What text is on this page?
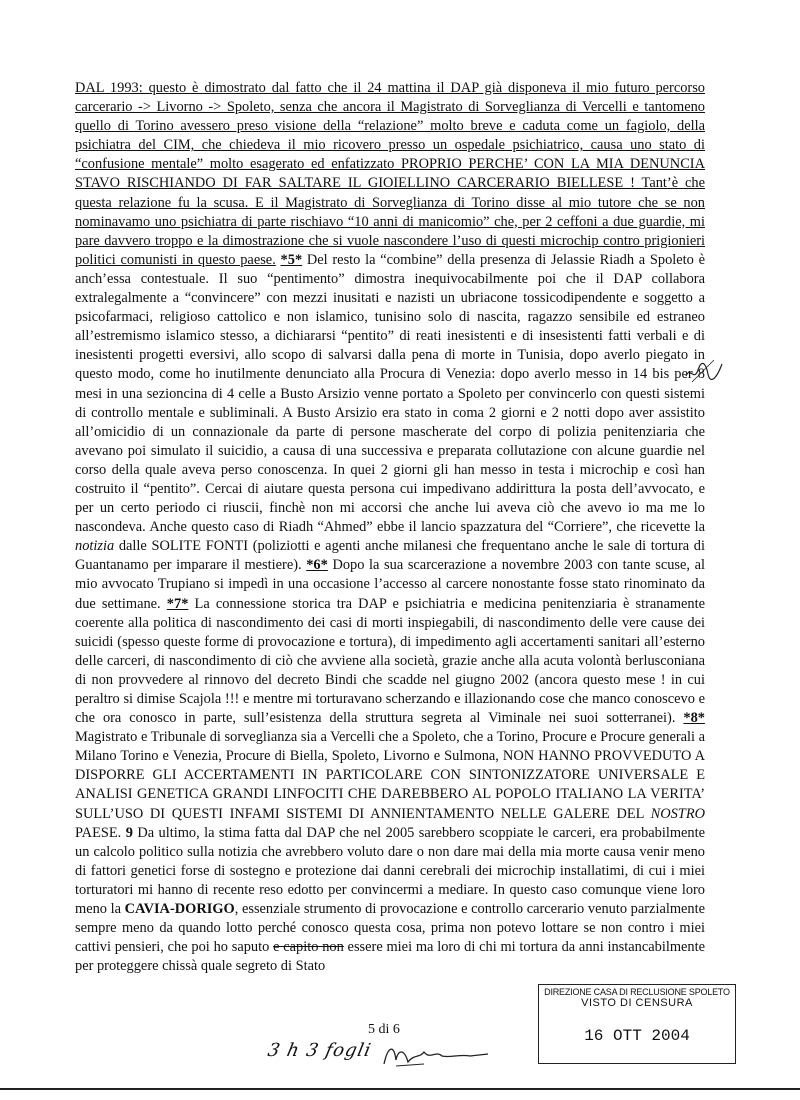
DAL 1993: questo è dimostrato dal fatto che il 24 mattina il DAP già disponeva il mio futuro percorso carcerario -> Livorno -> Spoleto, senza che ancora il Magistrato di Sorveglianza di Vercelli e tantomeno quello di Torino avessero preso visione della “relazione” molto breve e caduta come un fagiolo, della psichiatra del CIM, che chiedeva il mio ricovero presso un ospedale psichiatrico, causa uno stato di “confusione mentale” molto esagerato ed enfatizzato PROPRIO PERCHE’ CON LA MIA DENUNCIA STAVO RISCHIANDO DI FAR SALTARE IL GIOIELLINO CARCERARIO BIELLESE ! Tant’è che questa relazione fu la scusa. E il Magistrato di Sorveglianza di Torino disse al mio tutore che se non nominavamo uno psichiatra di parte rischiavo “10 anni di manicomio” che, per 2 ceffoni a due guardie, mi pare davvero troppo e la dimostrazione che si vuole nascondere l’uso di questi microchip contro prigionieri politici comunisti in questo paese. *5* Del resto la “combine” della presenza di Jelassie Riadh a Spoleto è anch’essa contestuale. Il suo “pentimento” dimostra inequivocabilmente poi che il DAP collabora extralegalmente a “convincere” con mezzi inusitati e nazisti un ubriacone tossicodipendente e soggetto a psicofarmaci, religioso cattolico e non islamico, tunisino solo di nascita, ragazzo sensibile ed estraneo all’estremismo islamico stesso, a dichiararsi “pentito” di reati inesistenti e di insesistenti fatti verbali e di inesistenti progetti eversivi, allo scopo di salvarsi dalla pena di morte in Tunisia, dopo averlo piegato in questo modo, come ho inutilmente denunciato alla Procura di Venezia: dopo averlo messo in 14 bis per 8 mesi in una sezioncina di 4 celle a Busto Arsizio venne portato a Spoleto per convincerlo con questi sistemi di controllo mentale e subliminali. A Busto Arsizio era stato in coma 2 giorni e 2 notti dopo aver assistito all’omicidio di un connazionale da parte di persone mascherate del corpo di polizia penitenziaria che avevano poi simulato il suicidio, a causa di una successiva e preparata collutazione con alcune guardie nel corso della quale aveva perso conoscenza. In quei 2 giorni gli han messo in testa i microchip e così han costruito il “pentito”. Cercai di aiutare questa persona cui impedivano addirittura la posta dell’avvocato, e per un certo periodo ci riuscii, finchè non mi accorsi che anche lui aveva ciò che avevo io ma me lo nascondeva. Anche questo caso di Riadh “Ahmed” ebbe il lancio spazzatura del “Corriere”, che ricevette la notizia dalle SOLITE FONTI (poliziotti e agenti anche milanesi che frequentano anche le sale di tortura di Guantanamo per imparare il mestiere). *6* Dopo la sua scarcerazione a novembre 2003 con tante scuse, al mio avvocato Trupiano si impedì in una occasione l’accesso al carcere nonostante fosse stato rinominato da due settimane. *7* La connessione storica tra DAP e psichiatria e medicina penitenziaria è stranamente coerente alla politica di nascondimento dei casi di morti inspiegabili, di nascondimento delle vere cause dei suicidi (spesso queste forme di provocazione e tortura), di impedimento agli accertamenti sanitari all’esterno delle carceri, di nascondimento di ciò che avviene alla società, grazie anche alla acuta volontà berlusconiana di non provvedere al rinnovo del decreto Bindi che scadde nel giugno 2002 (ancora questo mese ! in cui peraltro si dimise Scajola !!! e mentre mi torturavano scherzando e illazionando cose che manco conoscevo e che ora conosco in parte, sull’esistenza della struttura segreta al Viminale nei suoi sotterranei). *8* Magistrato e Tribunale di sorveglianza sia a Vercelli che a Spoleto, che a Torino, Procure e Procure generali a Milano Torino e Venezia, Procure di Biella, Spoleto, Livorno e Sulmona, NON HANNO PROVVEDUTO A DISPORRE GLI ACCERTAMENTI IN PARTICOLARE CON SINTONIZZATORE UNIVERSALE E ANALISI GENETICA GRANDI LINFOCITI CHE DAREBBERO AL POPOLO ITALIANO LA VERITA’ SULL’USO DI QUESTI INFAMI SISTEMI DI ANNIENTAMENTO NELLE GALERE DEL NOSTRO PAESE. 9 Da ultimo, la stima fatta dal DAP che nel 2005 sarebbero scoppiate le carceri, era probabilmente un calcolo politico sulla notizia che avrebbero voluto dare o non dare mai della mia morte causa venir meno di fattori genetici forse di sostegno e protezione dai danni cerebrali dei microchip installatimi, di cui i miei torturatori mi hanno di recente reso edotto per convincermi a mediare. In questo caso comunque viene loro meno la CAVIA-DORIGO, essenziale strumento di provocazione e controllo carcerario venuto parzialmente sempre meno da quando lotto perché conosco questa cosa, prima non potevo lottare se non contro i miei cattivi pensieri, che poi ho saputo e capito non essere miei ma loro di chi mi tortura da anni instancabilmente per proteggere chissà quale segreto di Stato
DIREZIONE CASA DI RECLUSIONE SPOLETO
VISTO DI CENSURA
16 OTT 2004
5 di 6
3 h 3 fogli
